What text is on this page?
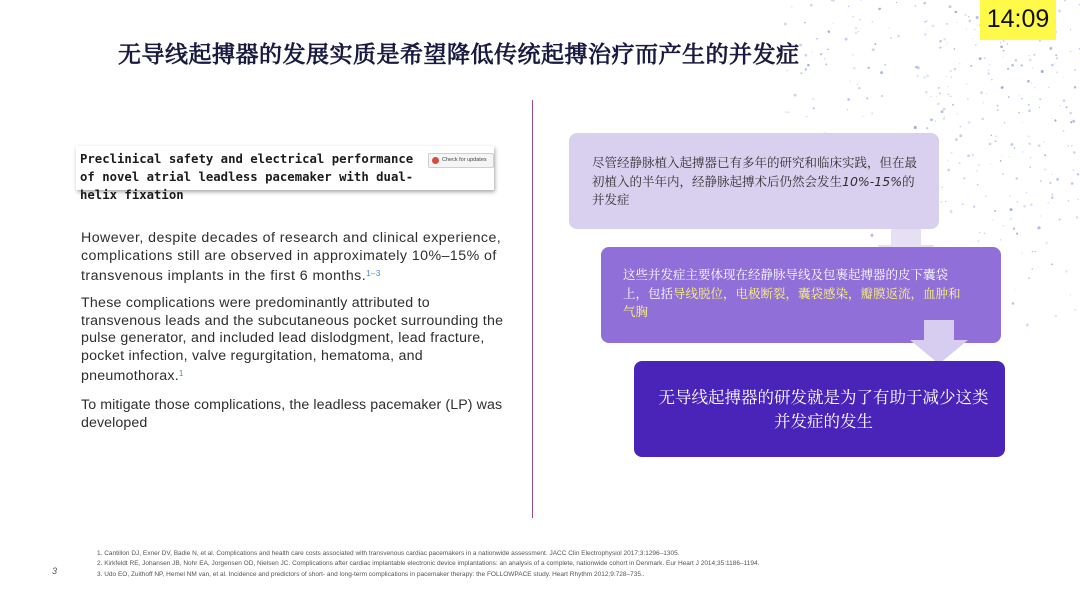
14:09
无导线起搏器的发展实质是希望降低传统起搏治疗而产生的并发症
Preclinical safety and electrical performance of novel atrial leadless pacemaker with dual-helix fixation
Check for updates
However, despite decades of research and clinical experience, complications still are observed in approximately 10%–15% of transvenous implants in the first 6 months.$^{1-3}$
These complications were predominantly attributed to transvenous leads and the subcutaneous pocket surrounding the pulse generator, and included lead dislodgment, lead fracture, pocket infection, valve regurgitation, hematoma, and pneumothorax.$^1$
To mitigate those complications, the leadless pacemaker (LP) was developed
尽管经静脉植入起搏器已有多年的研究和临床实践，但在最初植入的半年内，经静脉起搏术后仍然会发生10%-15%的并发症
这些并发症主要体现在经静脉导线及包裹起搏器的皮下囊袋上，包括导线脱位，电极断裂，囊袋感染，瓣膜返流，血肿和气胸
无导线起搏器的研发就是为了有助于减少这类并发症的发生
1. Cantillon DJ, Exner DV, Badie N, et al. Complications and health care costs associated with transvenous cardiac pacemakers in a nationwide assessment. JACC Clin Electrophysiol 2017;3:1296–1305.
2. Kirkfeldt RE, Johansen JB, Nohr EA, Jorgensen OD, Nielsen JC. Complications after cardiac implantable electronic device implantations: an analysis of a complete, nationwide cohort in Denmark. Eur Heart J 2014;35:1186–1194.
3. Udo EO, Zuithoff NP, Hemel NM van, et al. Incidence and predictors of short- and long-term complications in pacemaker therapy: the FOLLOWPACE study. Heart Rhythm 2012;9:728–735..
3
